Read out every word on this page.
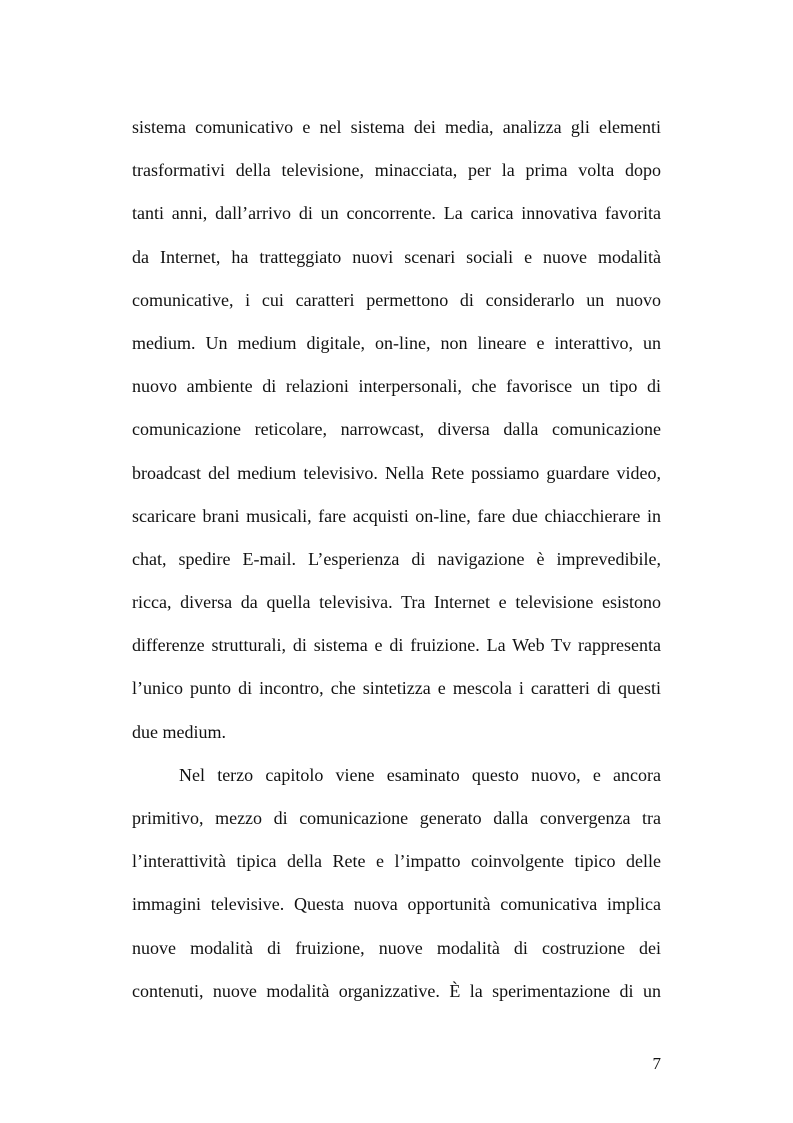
sistema comunicativo e nel sistema dei media, analizza gli elementi
trasformativi della televisione, minacciata, per la prima volta dopo
tanti anni, dall’arrivo di un concorrente. La carica innovativa favorita
da Internet, ha tratteggiato nuovi scenari sociali e nuove modalità
comunicative, i cui caratteri permettono di considerarlo un nuovo
medium. Un medium digitale, on-line, non lineare e interattivo, un
nuovo ambiente di relazioni interpersonali, che favorisce un tipo di
comunicazione reticolare, narrowcast, diversa dalla comunicazione
broadcast del medium televisivo. Nella Rete possiamo guardare video,
scaricare brani musicali, fare acquisti on-line, fare due chiacchierare in
chat, spedire E-mail. L’esperienza di navigazione è imprevedibile,
ricca, diversa da quella televisiva. Tra Internet e televisione esistono
differenze strutturali, di sistema e di fruizione. La Web Tv rappresenta
l’unico punto di incontro, che sintetizza e mescola i caratteri di questi
due medium.
Nel terzo capitolo viene esaminato questo nuovo, e ancora
primitivo, mezzo di comunicazione generato dalla convergenza tra
l’interattività tipica della Rete e l’impatto coinvolgente tipico delle
immagini televisive. Questa nuova opportunità comunicativa implica
nuove modalità di fruizione, nuove modalità di costruzione dei
contenuti, nuove modalità organizzative. È la sperimentazione di un
7
